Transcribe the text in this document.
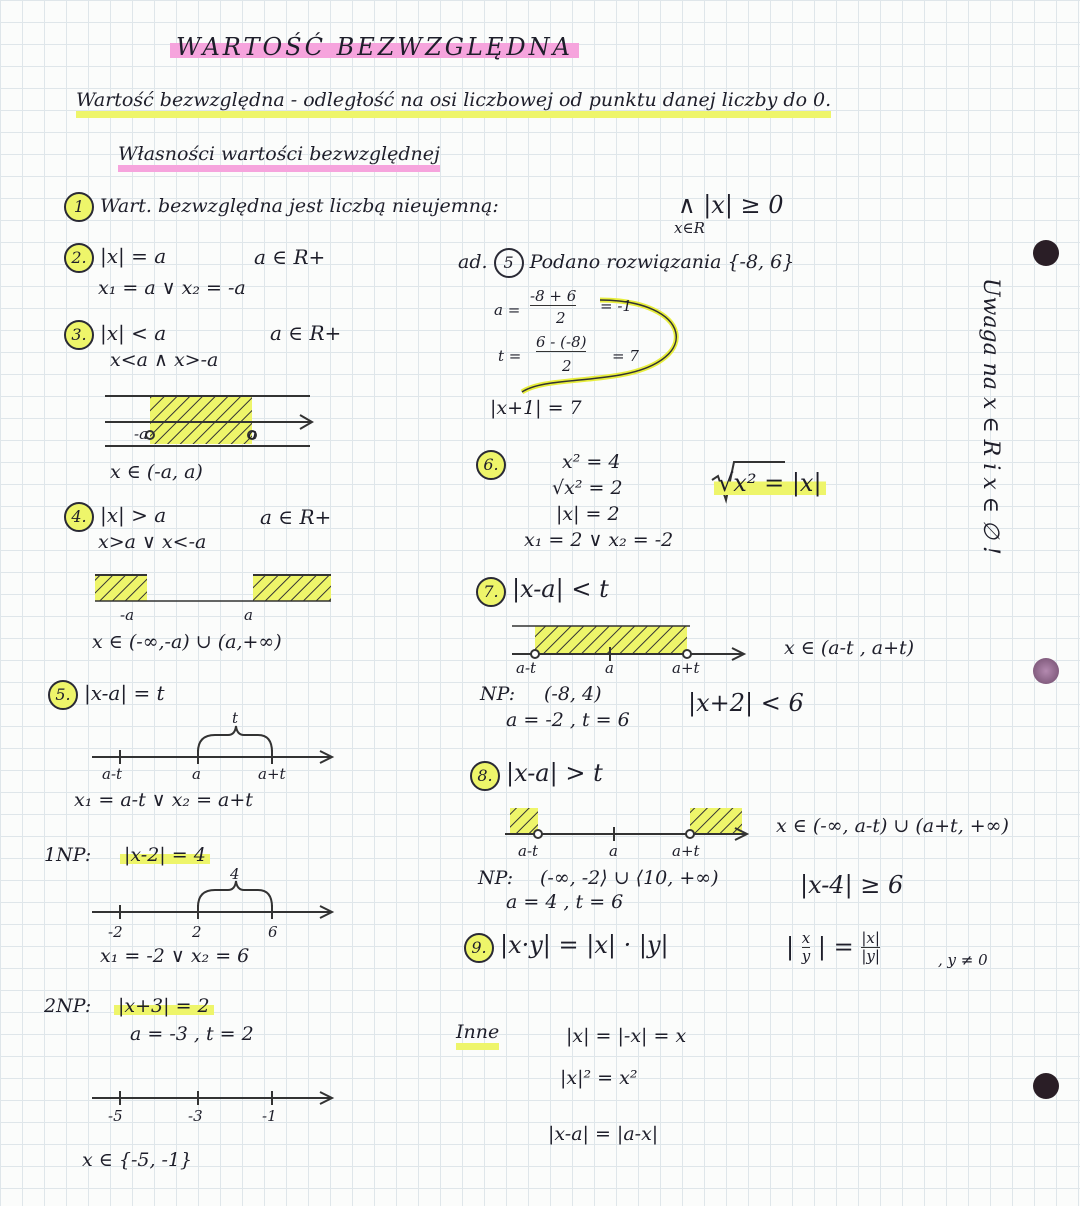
WARTOŚĆ BEZWZGLĘDNA
Wartość bezwzględna - odległość na osi liczbowej od punktu danej liczby do 0.
Własności wartości bezwzględnej
1 Wart. bezwzględna jest liczbą nieujemną:	∧ |x| ≥ 0
x∈R
2. |x| = a	a ∈ R+
x₁ = a ∨ x₂ = -a
3. |x| < a	a ∈ R+
x<a ∧ x>-a
-a	a
x ∈ (-a, a)
4. |x| > a	a ∈ R+
x>a ∨ x<-a
-a	a
x ∈ (-∞,-a) ∪ (a,+∞)
5. |x-a| = t
t
a-t	a	a+t
x₁ = a-t ∨ x₂ = a+t
1NP: |x-2| = 4
4
-2	2	6
x₁ = -2 ∨ x₂ = 6
2NP: |x+3| = 2
a = -3 , t = 2
-5	-3	-1
x ∈ {-5, -1}
ad. 5 Podano rozwiązania {-8, 6}
a =
-8 + 6
2
= -1
t =
6 - (-8)
2
= 7
|x+1| = 7
6.	x² = 4
√x² = 2
|x| = 2
x₁ = 2 ∨ x₂ = -2
√x² = |x|
7. |x-a| < t
a-t	a	a+t
x ∈ (a-t , a+t)
NP: (-8, 4)
a = -2 , t = 6
|x+2| < 6
8. |x-a| > t
a-t	a	a+t
x ∈ (-∞, a-t) ∪ (a+t, +∞)
NP: (-∞, -2⟩ ∪ ⟨10, +∞)
a = 4 , t = 6
|x-4| ≥ 6
9. |x·y| = |x| · |y|	| $\frac{x}{y}$ | = $\frac{|x|}{|y|}$	, y ≠ 0
Inne	|x| = |-x| = x
|x|² = x²
|x-a| = |a-x|
Uwaga na x ∈ R i x ∈ ∅ !
